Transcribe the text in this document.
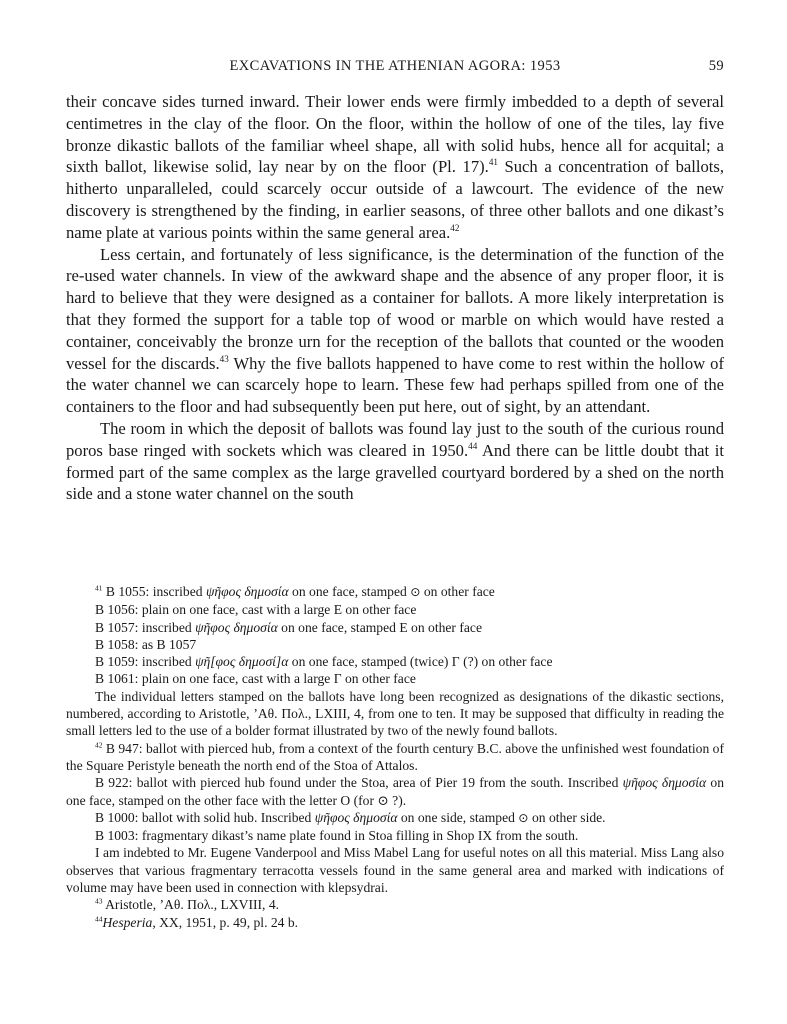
EXCAVATIONS IN THE ATHENIAN AGORA: 1953	59

their concave sides turned inward. Their lower ends were firmly imbedded to a depth of several centimetres in the clay of the floor. On the floor, within the hollow of one of the tiles, lay five bronze dikastic ballots of the familiar wheel shape, all with solid hubs, hence all for acquital; a sixth ballot, likewise solid, lay near by on the floor (Pl. 17).$^{41}$ Such a concentration of ballots, hitherto unparalleled, could scarcely occur outside of a lawcourt. The evidence of the new discovery is strengthened by the finding, in earlier seasons, of three other ballots and one dikast’s name plate at various points within the same general area.$^{42}$

Less certain, and fortunately of less significance, is the determination of the function of the re-used water channels. In view of the awkward shape and the absence of any proper floor, it is hard to believe that they were designed as a container for ballots. A more likely interpretation is that they formed the support for a table top of wood or marble on which would have rested a container, conceivably the bronze urn for the reception of the ballots that counted or the wooden vessel for the discards.$^{43}$ Why the five ballots happened to have come to rest within the hollow of the water channel we can scarcely hope to learn. These few had perhaps spilled from one of the containers to the floor and had subsequently been put here, out of sight, by an attendant.

The room in which the deposit of ballots was found lay just to the south of the curious round poros base ringed with sockets which was cleared in 1950.44 And there can be little doubt that it formed part of the same complex as the large gravelled courtyard bordered by a shed on the north side and a stone water channel on the south

$^{41}$ B 1055: inscribed ψῆφος δημοσία on one face, stamped ⊙ on other face

B 1056: plain on one face, cast with a large E on other face

B 1057: inscribed ψῆφος δημοσία on one face, stamped E on other face

B 1058: as B 1057

B 1059: inscribed ψῆ[φος δημοσί]α on one face, stamped (twice) Γ (?) on other face

B 1061: plain on one face, cast with a large Γ on other face

The individual letters stamped on the ballots have long been recognized as designations of the dikastic sections, numbered, according to Aristotle, ’Αθ. Πολ., LXIII, 4, from one to ten. It may be supposed that difficulty in reading the small letters led to the use of a bolder format illustrated by two of the newly found ballots.

$^{42}$ B 947: ballot with pierced hub, from a context of the fourth century B.C. above the unfinished west foundation of the Square Peristyle beneath the north end of the Stoa of Attalos.

B 922: ballot with pierced hub found under the Stoa, area of Pier 19 from the south. Inscribed ψῆφος δημοσία on one face, stamped on the other face with the letter O (for ⊙ ?).

B 1000: ballot with solid hub. Inscribed ψῆφος δημοσία on one side, stamped ⊙ on other side.

B 1003: fragmentary dikast’s name plate found in Stoa filling in Shop IX from the south.

I am indebted to Mr. Eugene Vanderpool and Miss Mabel Lang for useful notes on all this material. Miss Lang also observes that various fragmentary terracotta vessels found in the same general area and marked with indications of volume may have been used in connection with klepsydrai.

$^{43}$ Aristotle, ’Αθ. Πολ., LXVIII, 4.

$^{44}$Hesperia, XX, 1951, p. 49, pl. 24 b.
